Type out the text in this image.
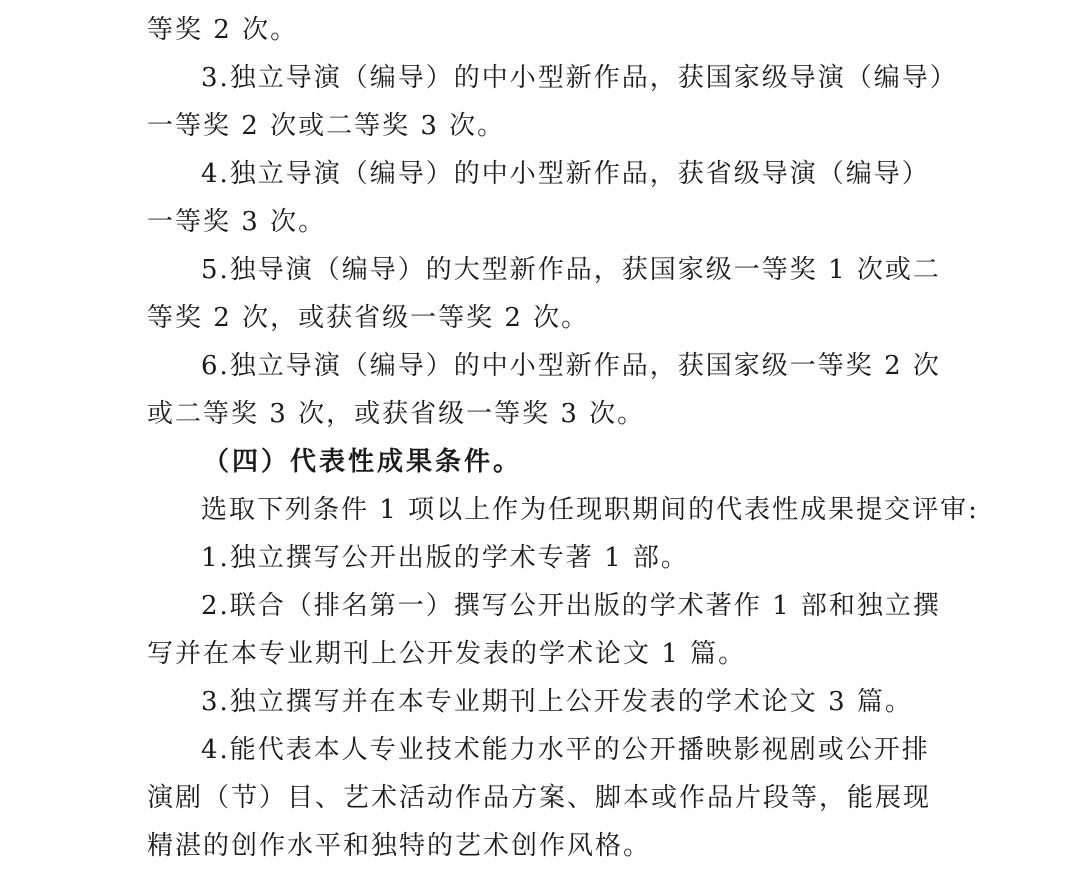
等奖 2 次。
3.独立导演（编导）的中小型新作品，获国家级导演（编导）
一等奖 2 次或二等奖 3 次。
4.独立导演（编导）的中小型新作品，获省级导演（编导）
一等奖 3 次。
5.独导演（编导）的大型新作品，获国家级一等奖 1 次或二
等奖 2 次，或获省级一等奖 2 次。
6.独立导演（编导）的中小型新作品，获国家级一等奖 2 次
或二等奖 3 次，或获省级一等奖 3 次。
（四）代表性成果条件。
选取下列条件 1 项以上作为任现职期间的代表性成果提交评审:
1.独立撰写公开出版的学术专著 1 部。
2.联合（排名第一）撰写公开出版的学术著作 1 部和独立撰
写并在本专业期刊上公开发表的学术论文 1 篇。
3.独立撰写并在本专业期刊上公开发表的学术论文 3 篇。
4.能代表本人专业技术能力水平的公开播映影视剧或公开排
演剧（节）目、艺术活动作品方案、脚本或作品片段等，能展现
精湛的创作水平和独特的艺术创作风格。
